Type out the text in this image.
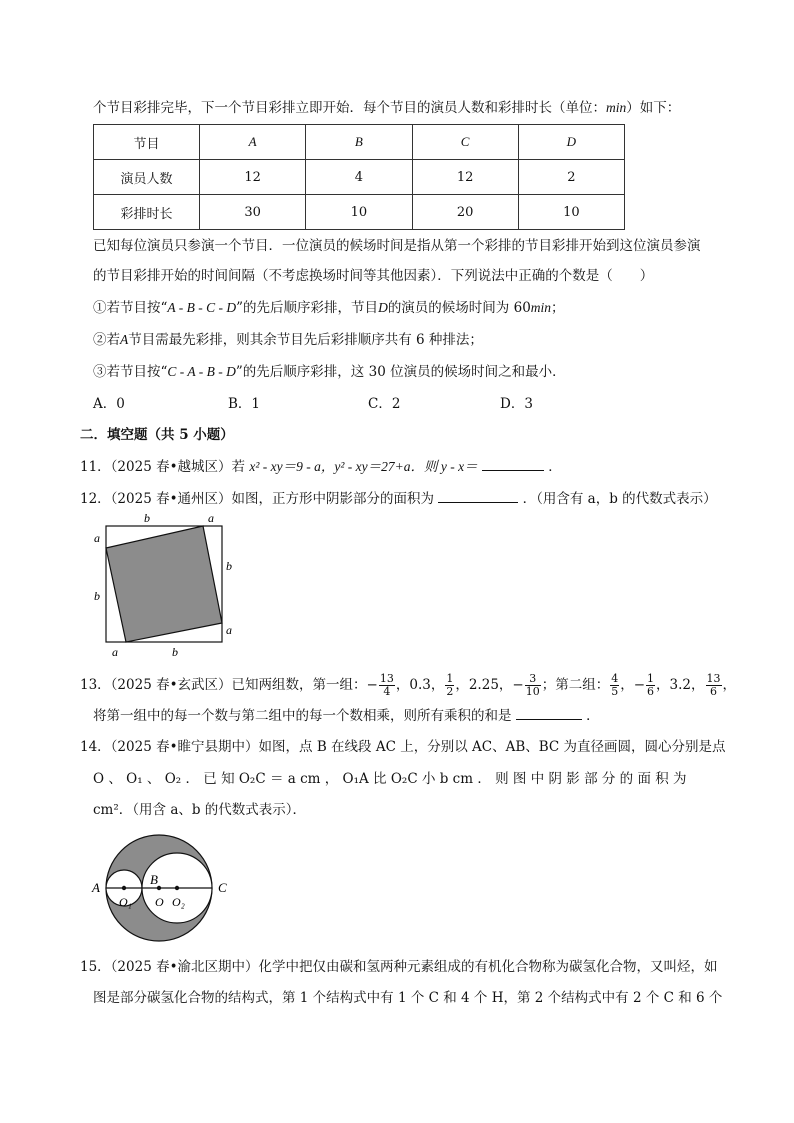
个节目彩排完毕，下一个节目彩排立即开始．每个节目的演员人数和彩排时长（单位：min）如下：
节目	A	B	C	D
演员人数	12	4	12	2
彩排时长	30	10	20	10
已知每位演员只参演一个节目．一位演员的候场时间是指从第一个彩排的节目彩排开始到这位演员参演
的节目彩排开始的时间间隔（不考虑换场时间等其他因素）．下列说法中正确的个数是（　　）
①若节目按“A - B - C - D”的先后顺序彩排，节目D的演员的候场时间为 60min；
②若A节目需最先彩排，则其余节目先后彩排顺序共有 6 种排法；
③若节目按“C - A - B - D”的先后顺序彩排，这 30 位演员的候场时间之和最小．
A．0	B．1	C．2	D．3
二．填空题（共 5 小题）
11．（2025 春•越城区）若 x² - xy＝9 - a，y² - xy＝27+a．则 y - x＝	．
12．（2025 春•通州区）如图，正方形中阴影部分的面积为	．（用含有 a，b 的代数式表示）
b	a
a
b
b
a
a	b
13．（2025 春•玄武区）已知两组数，第一组：− $\frac{13}{4}$ ，0.3， $\frac{1}{2}$ ，2.25，− $\frac{3}{10}$ ；第二组： $\frac{4}{5}$ ，− $\frac{1}{6}$ ，3.2， $\frac{13}{6}$ ，
将第一组中的每一个数与第二组中的每一个数相乘，则所有乘积的和是	．
14．（2025 春•睢宁县期中）如图，点 B 在线段 AC 上，分别以 AC、AB、BC 为直径画圆，圆心分别是点
O 、 O₁ 、 O₂ ． 已 知 O₂C ＝ a cm ， O₁A 比 O₂C 小 b cm ． 则 图 中 阴 影 部 分 的 面 积 为
cm²．（用含 a、b 的代数式表示）．
A
B
C
O₁ O O₂
15．（2025 春•渝北区期中）化学中把仅由碳和氢两种元素组成的有机化合物称为碳氢化合物，又叫烃，如
图是部分碳氢化合物的结构式，第 1 个结构式中有 1 个 C 和 4 个 H，第 2 个结构式中有 2 个 C 和 6 个
